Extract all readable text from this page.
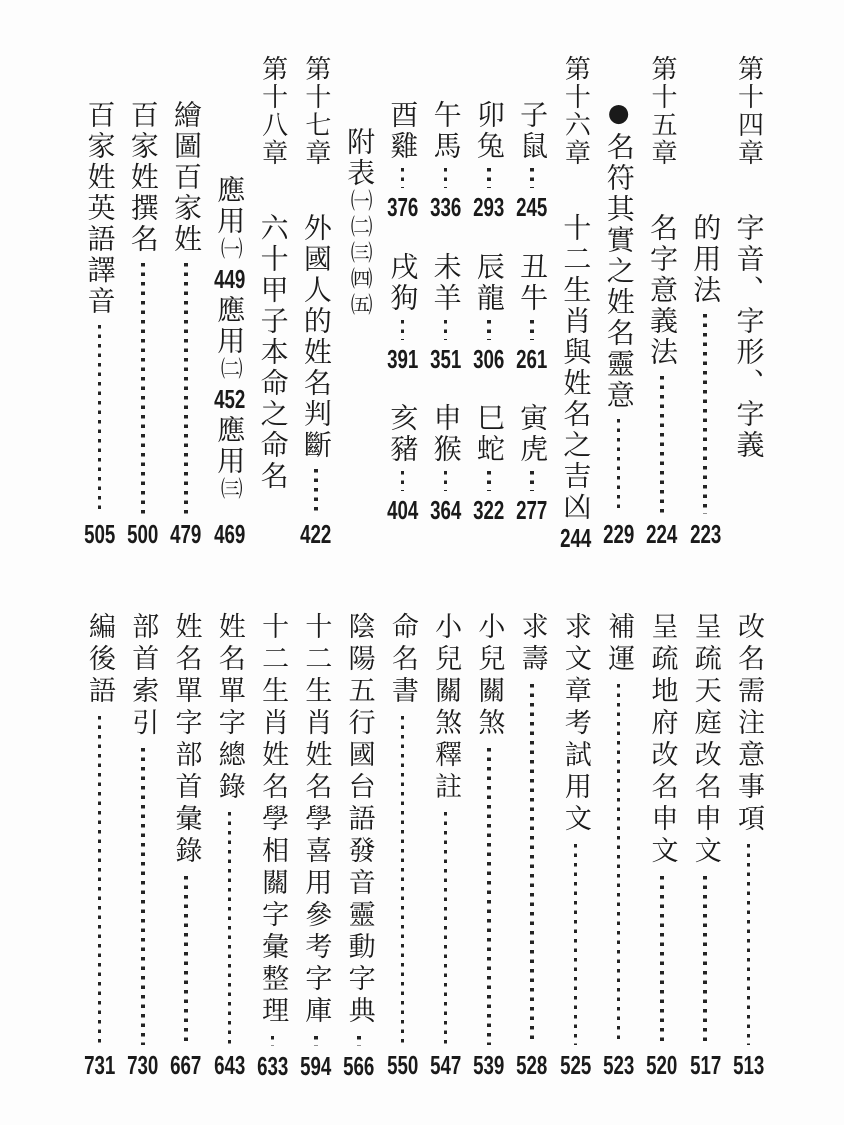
第十四章
字音、字形、字義
的用法
223
第十五章
名字意義法
224
●
名符其實之姓名靈意
229
第十六章
十二生肖與姓名之吉凶
244
子鼠
245
丑牛
261
寅虎
277
卯兔
293
辰龍
306
巳蛇
322
午馬
336
未羊
351
申猴
364
酉雞
376
戌狗
391
亥豬
404
附表
㈠㈡㈢㈣㈤
第十七章
外國人的姓名判斷
422
第十八章
六十甲子本命之命名
應用
㈠
449
應用
㈡
452
應用
㈢
469
繪圖百家姓
479
百家姓撰名
500
百家姓英語譯音
505
改名需注意事項
513
呈疏天庭改名申文
517
呈疏地府改名申文
520
補運
523
求文章考試用文
525
求壽
528
小兒關煞
539
小兒關煞釋註
547
命名書
550
陰陽五行國台語發音靈動字典
566
十二生肖姓名學喜用參考字庫
594
十二生肖姓名學相關字彙整理
633
姓名單字總錄
643
姓名單字部首彙錄
667
部首索引
730
編後語
731
